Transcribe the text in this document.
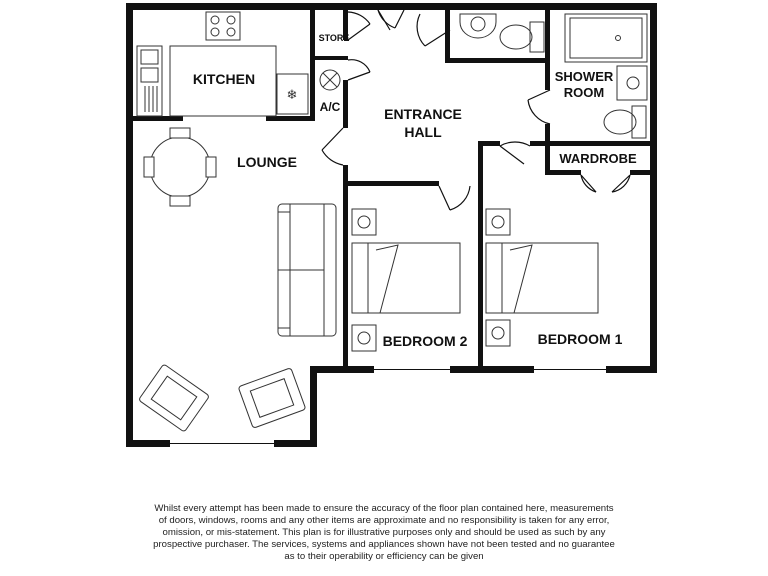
❄
KITCHEN
STORE
A/C	ENTRANCE
HALL
SHOWER
ROOM
WARDROBE
LOUNGE
BEDROOM 2	BEDROOM 1
Whilst every attempt has been made to ensure the accuracy of the floor plan contained here, measurements
of doors, windows, rooms and any other items are approximate and no responsibility is taken for any error,
omission, or mis-statement. This plan is for illustrative purposes only and should be used as such by any
prospective purchaser. The services, systems and appliances shown have not been tested and no guarantee
as to their operability or efficiency can be given
